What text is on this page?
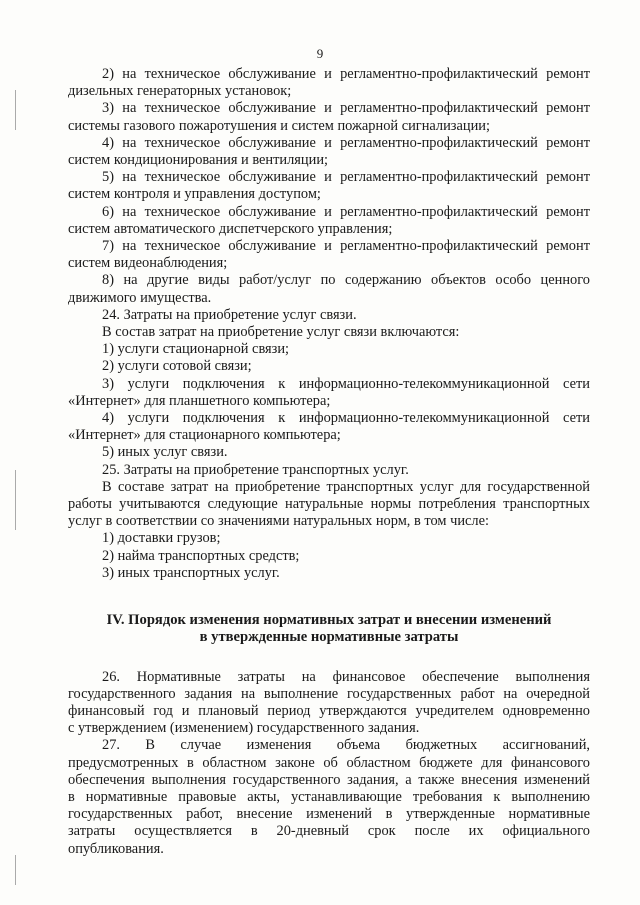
9

2) на техническое обслуживание и регламентно-профилактический ремонт

дизельных генераторных установок;

3) на техническое обслуживание и регламентно-профилактический ремонт

системы газового пожаротушения и систем пожарной сигнализации;

4) на техническое обслуживание и регламентно-профилактический ремонт

систем кондиционирования и вентиляции;

5) на техническое обслуживание и регламентно-профилактический ремонт

систем контроля и управления доступом;

6) на техническое обслуживание и регламентно-профилактический ремонт

систем автоматического диспетчерского управления;

7) на техническое обслуживание и регламентно-профилактический ремонт

систем видеонаблюдения;

8) на другие виды работ/услуг по содержанию объектов особо ценного

движимого имущества.

24. Затраты на приобретение услуг связи.

В состав затрат на приобретение услуг связи включаются:

1) услуги стационарной связи;

2) услуги сотовой связи;

3) услуги подключения к информационно-телекоммуникационной сети

«Интернет» для планшетного компьютера;

4) услуги подключения к информационно-телекоммуникационной сети

«Интернет» для стационарного компьютера;

5) иных услуг связи.

25. Затраты на приобретение транспортных услуг.

В составе затрат на приобретение транспортных услуг для государственной

работы учитываются следующие натуральные нормы потребления транспортных

услуг в соответствии со значениями натуральных норм, в том числе:

1) доставки грузов;

2) найма транспортных средств;

3) иных транспортных услуг.

IV. Порядок изменения нормативных затрат и внесении изменений
в утвержденные нормативные затраты

26. Нормативные затраты на финансовое обеспечение выполнения

государственного задания на выполнение государственных работ на очередной

финансовый год и плановый период утверждаются учредителем одновременно

с утверждением (изменением) государственного задания.

27. В случае изменения объема бюджетных ассигнований,

предусмотренных в областном законе об областном бюджете для финансового

обеспечения выполнения государственного задания, а также внесения изменений

в нормативные правовые акты, устанавливающие требования к выполнению

государственных работ, внесение изменений в утвержденные нормативные

затраты осуществляется в 20-дневный срок после их официального

опубликования.
